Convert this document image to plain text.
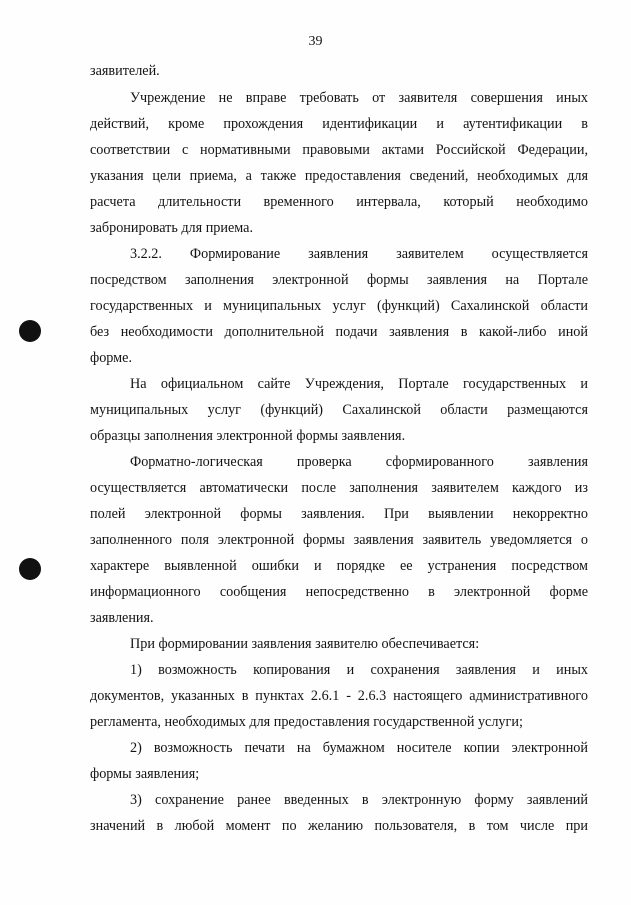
39
заявителей.
Учреждение не вправе требовать от заявителя совершения иных
действий, кроме прохождения идентификации и аутентификации в
соответствии с нормативными правовыми актами Российской Федерации,
указания цели приема, а также предоставления сведений, необходимых для
расчета длительности временного интервала, который необходимо
забронировать для приема.
3.2.2. Формирование заявления заявителем осуществляется
посредством заполнения электронной формы заявления на Портале
государственных и муниципальных услуг (функций) Сахалинской области
без необходимости дополнительной подачи заявления в какой-либо иной
форме.
На официальном сайте Учреждения, Портале государственных и
муниципальных услуг (функций) Сахалинской области размещаются
образцы заполнения электронной формы заявления.
Форматно-логическая проверка сформированного заявления
осуществляется автоматически после заполнения заявителем каждого из
полей электронной формы заявления. При выявлении некорректно
заполненного поля электронной формы заявления заявитель уведомляется о
характере выявленной ошибки и порядке ее устранения посредством
информационного сообщения непосредственно в электронной форме
заявления.
При формировании заявления заявителю обеспечивается:
1) возможность копирования и сохранения заявления и иных
документов, указанных в пунктах 2.6.1 - 2.6.3 настоящего административного
регламента, необходимых для предоставления государственной услуги;
2) возможность печати на бумажном носителе копии электронной
формы заявления;
3) сохранение ранее введенных в электронную форму заявлений
значений в любой момент по желанию пользователя, в том числе при
